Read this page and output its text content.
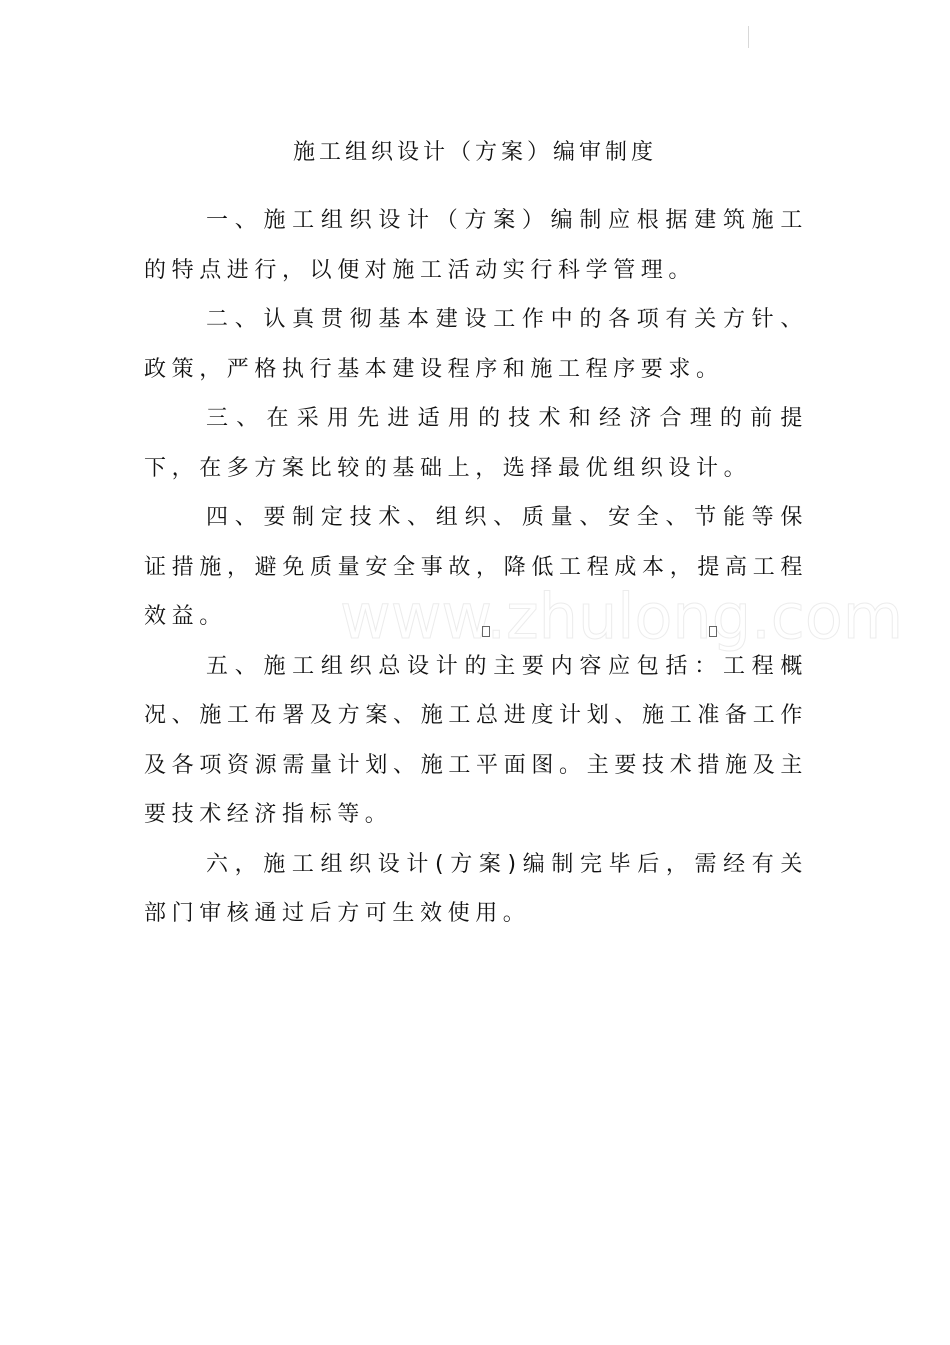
施工组织设计（方案）编审制度
www.zhulong.com

一、施工组织设计（方案）编制应根据建筑施工的特点进行，以便对施工活动实行科学管理。

二、认真贯彻基本建设工作中的各项有关方针、政策，严格执行基本建设程序和施工程序要求。

三、在采用先进适用的技术和经济合理的前提下，在多方案比较的基础上，选择最优组织设计。

四、要制定技术、组织、质量、安全、节能等保证措施，避免质量安全事故，降低工程成本，提高工程效益。

五、施工组织总设计的主要内容应包括：工程概况、施工布署及方案、施工总进度计划、施工准备工作及各项资源需量计划、施工平面图。主要技术措施及主要技术经济指标等。

六，施工组织设计(方案)编制完毕后，需经有关部门审核通过后方可生效使用。
